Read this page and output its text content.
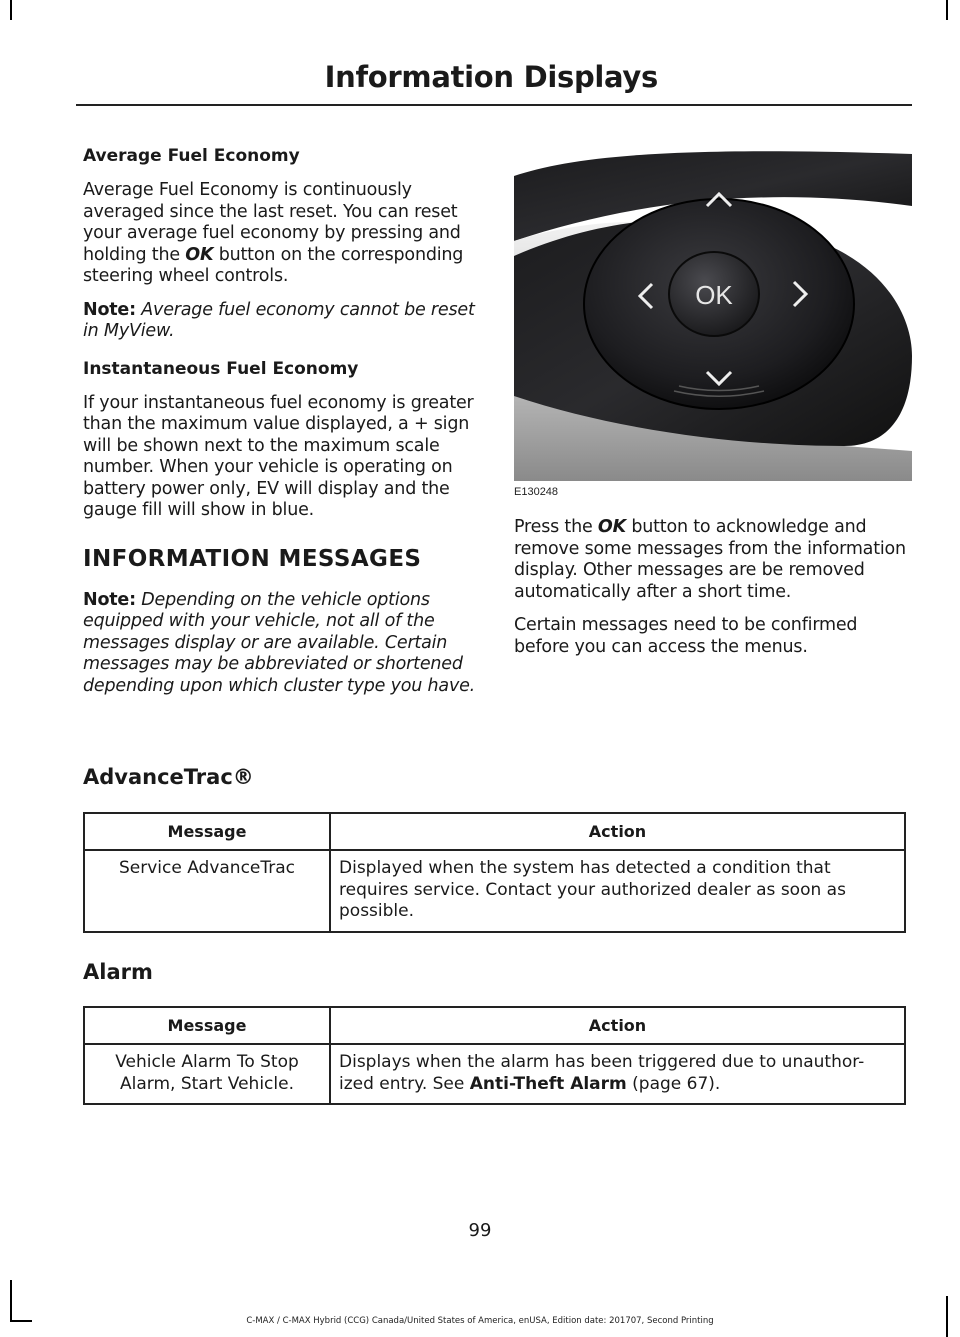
Information Displays
Average Fuel Economy

Average Fuel Economy is continuously averaged since the last reset. You can reset your average fuel economy by pressing and holding the OK button on the corresponding steering wheel controls.

Note: Average fuel economy cannot be reset in MyView.

Instantaneous Fuel Economy

If your instantaneous fuel economy is greater than the maximum value displayed, a + sign will be shown next to the maximum scale number. When your vehicle is operating on battery power only, EV will display and the gauge fill will show in blue.

INFORMATION MESSAGES

Note: Depending on the vehicle options equipped with your vehicle, not all of the messages display or are available. Certain messages may be abbreviated or shortened depending upon which cluster type you have.

OK
E130248

Press the OK button to acknowledge and remove some messages from the information display. Other messages are be removed automatically after a short time.

Certain messages need to be confirmed before you can access the menus.

AdvanceTrac®
Message	Action
Service AdvanceTrac	Displayed when the system has detected a condition that requires service. Contact your authorized dealer as soon as possible.
Alarm
Message	Action
Vehicle Alarm To Stop Alarm, Start Vehicle.	Displays when the alarm has been triggered due to unauthor-ized entry. See Anti-Theft Alarm (page 67).
99
C-MAX / C-MAX Hybrid (CCG) Canada/United States of America, enUSA, Edition date: 201707, Second Printing
